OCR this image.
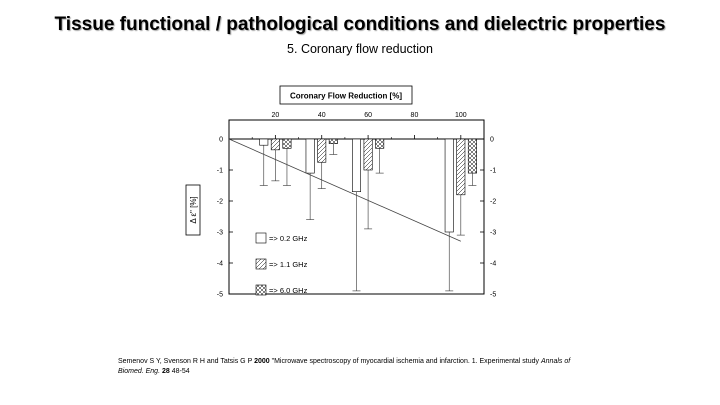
Tissue functional / pathological conditions and dielectric properties
5. Coronary flow reduction
0	0
-1	-1
-2	-2
-3	-3
-4	-4
-5	-5
20	40	60	80	100
Coronary Flow Reduction [%]
Δ ε" [%]
=> 0.2 GHz
=> 1.1 GHz
=> 6.0 GHz
Semenov S Y, Svenson R H and Tatsis G P 2000 "Microwave spectroscopy of myocardial ischemia and infarction. 1. Experimental study Annals of Biomed. Eng. 28 48-54
